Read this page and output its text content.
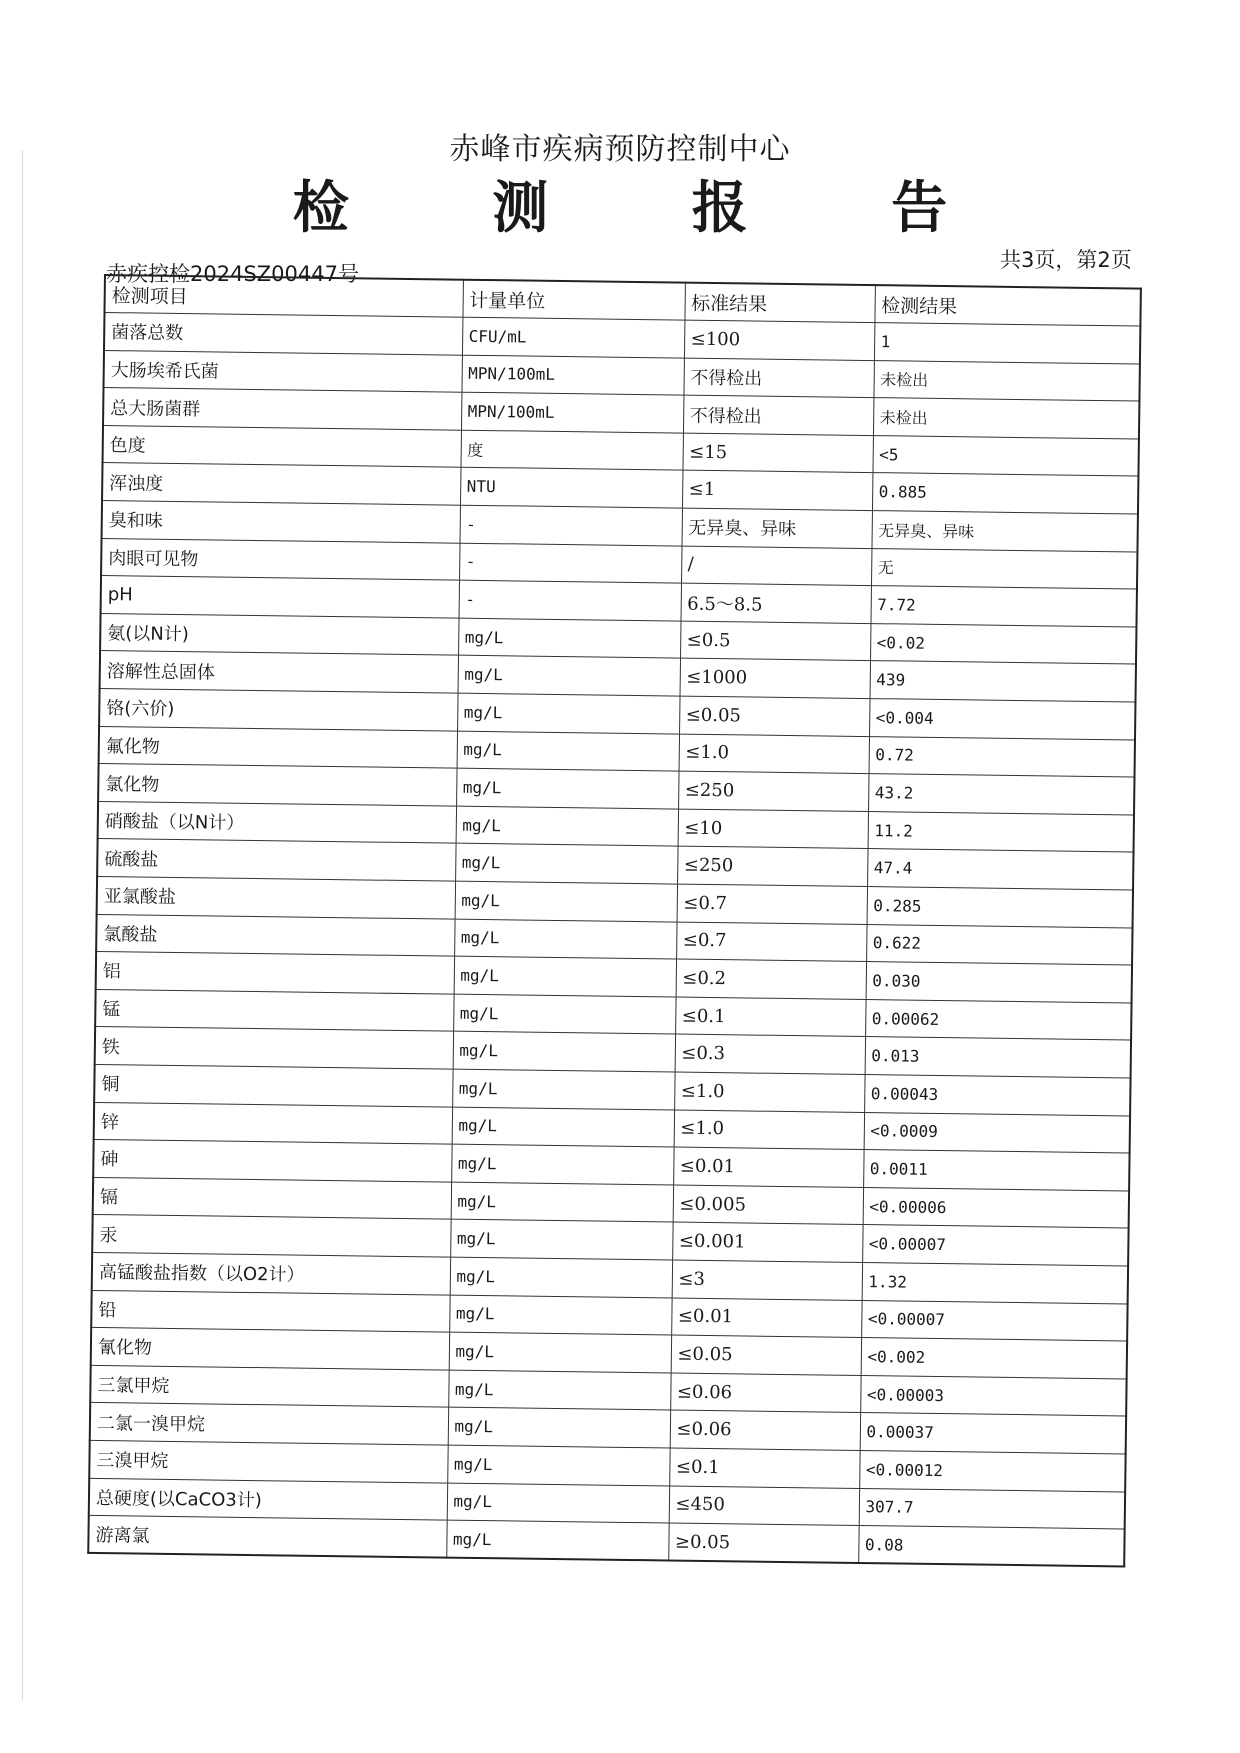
赤峰市疾病预防控制中心
检 测 报 告
赤疾控检2024SZ00447号
共3页，第2页
检测项目	计量单位	标准结果	检测结果
菌落总数	CFU/mL	≤100	1
大肠埃希氏菌	MPN/100mL	不得检出	未检出
总大肠菌群	MPN/100mL	不得检出	未检出
色度	度	≤15	<5
浑浊度	NTU	≤1	0.885
臭和味	-	无异臭、异味	无异臭、异味
肉眼可见物	-	/	无
pH	-	6.5～8.5	7.72
氨(以N计)	mg/L	≤0.5	<0.02
溶解性总固体	mg/L	≤1000	439
铬(六价)	mg/L	≤0.05	<0.004
氟化物	mg/L	≤1.0	0.72
氯化物	mg/L	≤250	43.2
硝酸盐（以N计）	mg/L	≤10	11.2
硫酸盐	mg/L	≤250	47.4
亚氯酸盐	mg/L	≤0.7	0.285
氯酸盐	mg/L	≤0.7	0.622
铝	mg/L	≤0.2	0.030
锰	mg/L	≤0.1	0.00062
铁	mg/L	≤0.3	0.013
铜	mg/L	≤1.0	0.00043
锌	mg/L	≤1.0	<0.0009
砷	mg/L	≤0.01	0.0011
镉	mg/L	≤0.005	<0.00006
汞	mg/L	≤0.001	<0.00007
高锰酸盐指数（以O2计）	mg/L	≤3	1.32
铅	mg/L	≤0.01	<0.00007
氰化物	mg/L	≤0.05	<0.002
三氯甲烷	mg/L	≤0.06	<0.00003
二氯一溴甲烷	mg/L	≤0.06	0.00037
三溴甲烷	mg/L	≤0.1	<0.00012
总硬度(以CaCO3计)	mg/L	≤450	307.7
游离氯	mg/L	≥0.05	0.08
